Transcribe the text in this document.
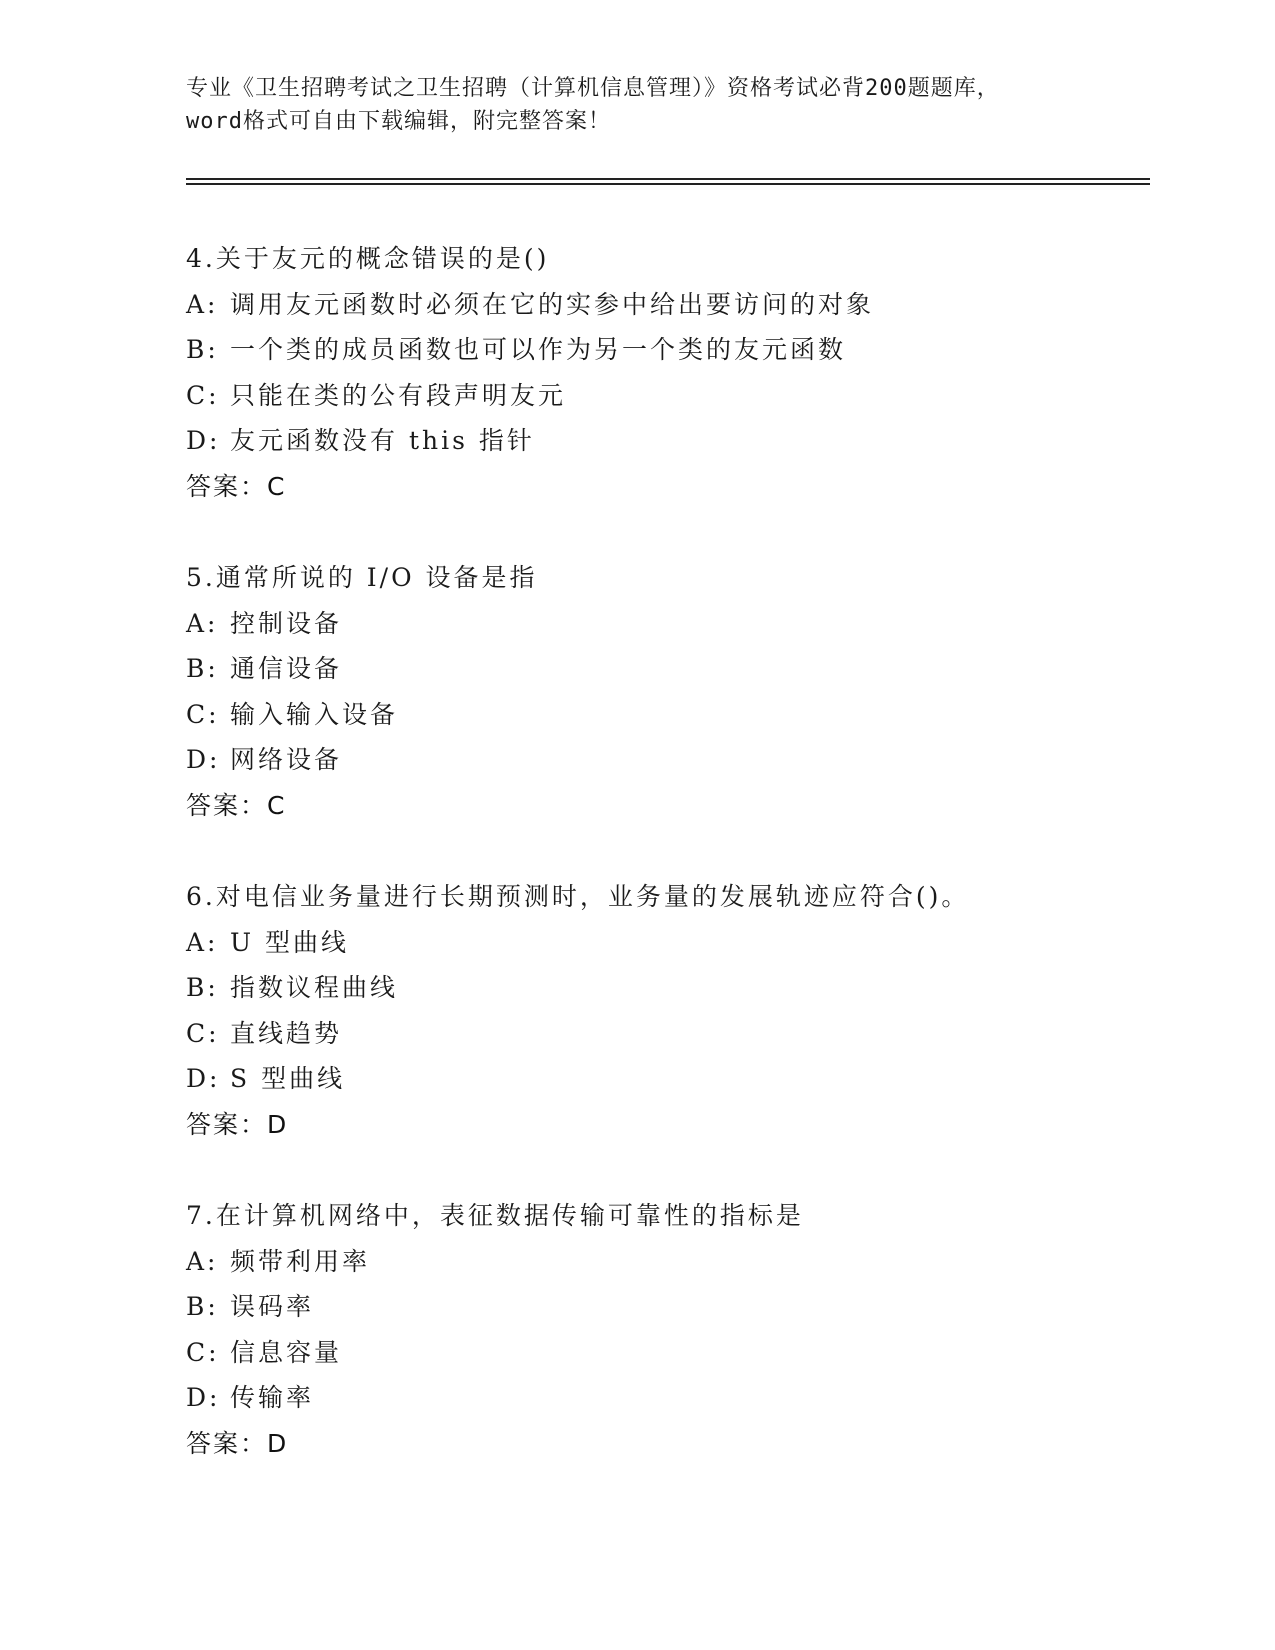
专业《卫生招聘考试之卫生招聘（计算机信息管理）》资格考试必背200题题库，
word格式可自由下载编辑，附完整答案！
4.关于友元的概念错误的是()
A: 调用友元函数时必须在它的实参中给出要访问的对象
B: 一个类的成员函数也可以作为另一个类的友元函数
C: 只能在类的公有段声明友元
D: 友元函数没有 this 指针
答案：C
5.通常所说的 I/O 设备是指
A: 控制设备
B: 通信设备
C: 输入输入设备
D: 网络设备
答案：C
6.对电信业务量进行长期预测时，业务量的发展轨迹应符合()。
A: U 型曲线
B: 指数议程曲线
C: 直线趋势
D: S 型曲线
答案：D
7.在计算机网络中，表征数据传输可靠性的指标是
A: 频带利用率
B: 误码率
C: 信息容量
D: 传输率
答案：D
